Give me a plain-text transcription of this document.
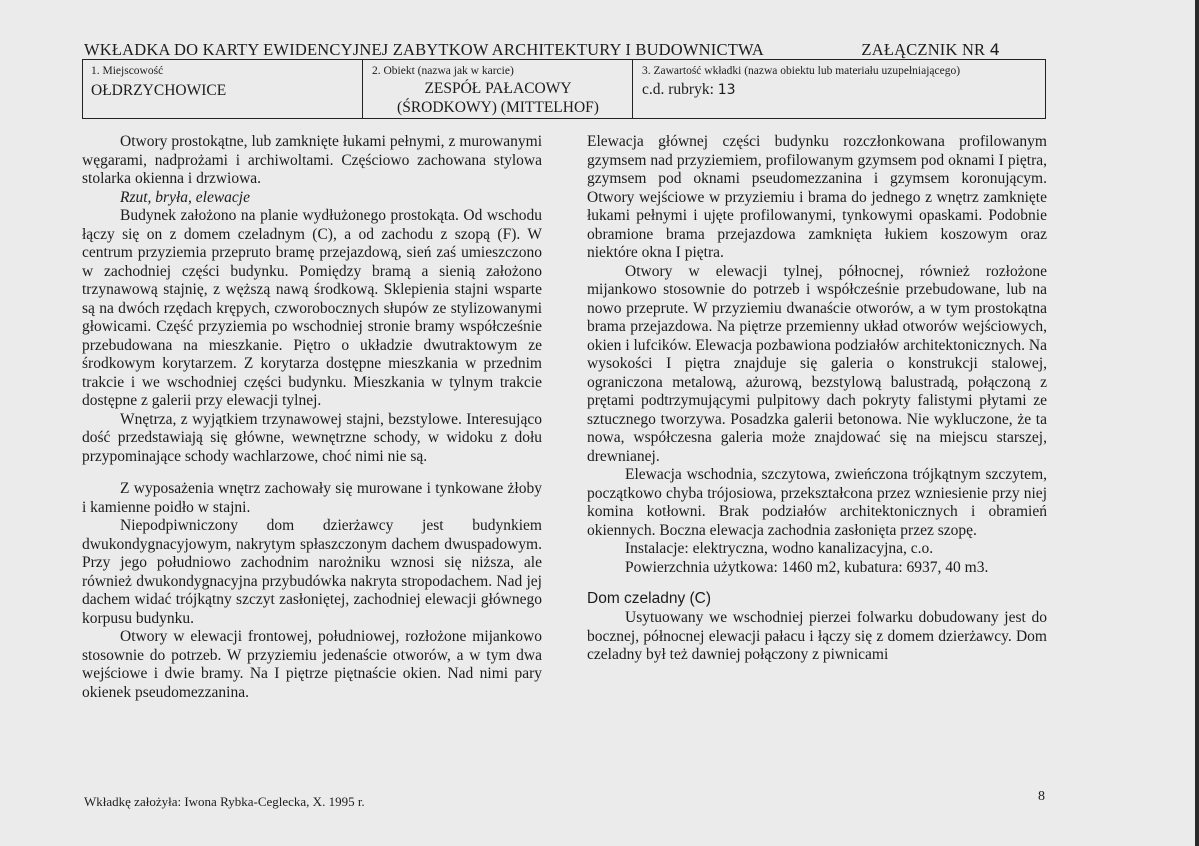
WKŁADKA DO KARTY EWIDENCYJNEJ ZABYTKOW ARCHITEKTURY I BUDOWNICTWA	ZAŁĄCZNIK NR 4
1. Miejscowość
OŁDRZYCHOWICE
2. Obiekt (nazwa jak w karcie)
ZESPÓŁ PAŁACOWY
(ŚRODKOWY) (MITTELHOF)
3. Zawartość wkładki (nazwa obiektu lub materiału uzupełniającego)
c.d. rubryk: 13

Otwory prostokątne, lub zamknięte łukami pełnymi, z murowanymi węgarami, nadprożami i archiwoltami. Częściowo zachowana stylowa stolarka okienna i drzwiowa.

Rzut, bryła, elewacje

Budynek założono na planie wydłużonego prostokąta. Od wschodu łączy się on z domem czeladnym (C), a od zachodu z szopą (F). W centrum przyziemia przepruto bramę przejazdową, sień zaś umieszczono w zachodniej części budynku. Pomiędzy bramą a sienią założono trzynawową stajnię, z węższą nawą środkową. Sklepienia stajni wsparte są na dwóch rzędach krępych, czworobocznych słupów ze stylizowanymi głowicami. Część przyziemia po wschodniej stronie bramy współcześnie przebudowana na mieszkanie. Piętro o układzie dwutraktowym ze środkowym korytarzem. Z korytarza dostępne mieszkania w przednim trakcie i we wschodniej części budynku. Mieszkania w tylnym trakcie dostępne z galerii przy elewacji tylnej.

Wnętrza, z wyjątkiem trzynawowej stajni, bezstylowe. Interesująco dość przedstawiają się główne, wewnętrzne schody, w widoku z dołu przypominające schody wachlarzowe, choć nimi nie są.

Z wyposażenia wnętrz zachowały się murowane i tynkowane żłoby i kamienne poidło w stajni.

Niepodpiwniczony dom dzierżawcy jest budynkiem dwukondygnacyjowym, nakrytym spłaszczonym dachem dwuspadowym. Przy jego południowo zachodnim narożniku wznosi się niższa, ale również dwukondygnacyjna przybudówka nakryta stropodachem. Nad jej dachem widać trójkątny szczyt zasłoniętej, zachodniej elewacji głównego korpusu budynku.

Otwory w elewacji frontowej, południowej, rozłożone mijankowo stosownie do potrzeb. W przyziemiu jedenaście otworów, a w tym dwa wejściowe i dwie bramy. Na I piętrze piętnaście okien. Nad nimi pary okienek pseudomezzanina.

Elewacja głównej części budynku rozczłonkowana profilowanym gzymsem nad przyziemiem, profilowanym gzymsem pod oknami I piętra, gzymsem pod oknami pseudomezzanina i gzymsem koronującym. Otwory wejściowe w przyziemiu i brama do jednego z wnętrz zamknięte łukami pełnymi i ujęte profilowanymi, tynkowymi opaskami. Podobnie obramione brama przejazdowa zamknięta łukiem koszowym oraz niektóre okna I piętra.

Otwory w elewacji tylnej, północnej, również rozłożone mijankowo stosownie do potrzeb i współcześnie przebudowane, lub na nowo przeprute. W przyziemiu dwanaście otworów, a w tym prostokątna brama przejazdowa. Na piętrze przemienny układ otworów wejściowych, okien i lufcików. Elewacja pozbawiona podziałów architektonicznych. Na wysokości I piętra znajduje się galeria o konstrukcji stalowej, ograniczona metalową, ażurową, bezstylową balustradą, połączoną z prętami podtrzymującymi pulpitowy dach pokryty falistymi płytami ze sztucznego tworzywa. Posadzka galerii betonowa. Nie wykluczone, że ta nowa, współczesna galeria może znajdować się na miejscu starszej, drewnianej.

Elewacja wschodnia, szczytowa, zwieńczona trójkątnym szczytem, początkowo chyba trójosiowa, przekształcona przez wzniesienie przy niej komina kotłowni. Brak podziałów architektonicznych i obramień okiennych. Boczna elewacja zachodnia zasłonięta przez szopę.

Instalacje: elektryczna, wodno kanalizacyjna, c.o.

Powierzchnia użytkowa: 1460 m2, kubatura: 6937, 40 m3.

Dom czeladny (C)

Usytuowany we wschodniej pierzei folwarku dobudowany jest do bocznej, północnej elewacji pałacu i łączy się z domem dzierżawcy. Dom czeladny był też dawniej połączony z piwnicami

Wkładkę założyła: Iwona Rybka-Ceglecka, X. 1995 r.	8
